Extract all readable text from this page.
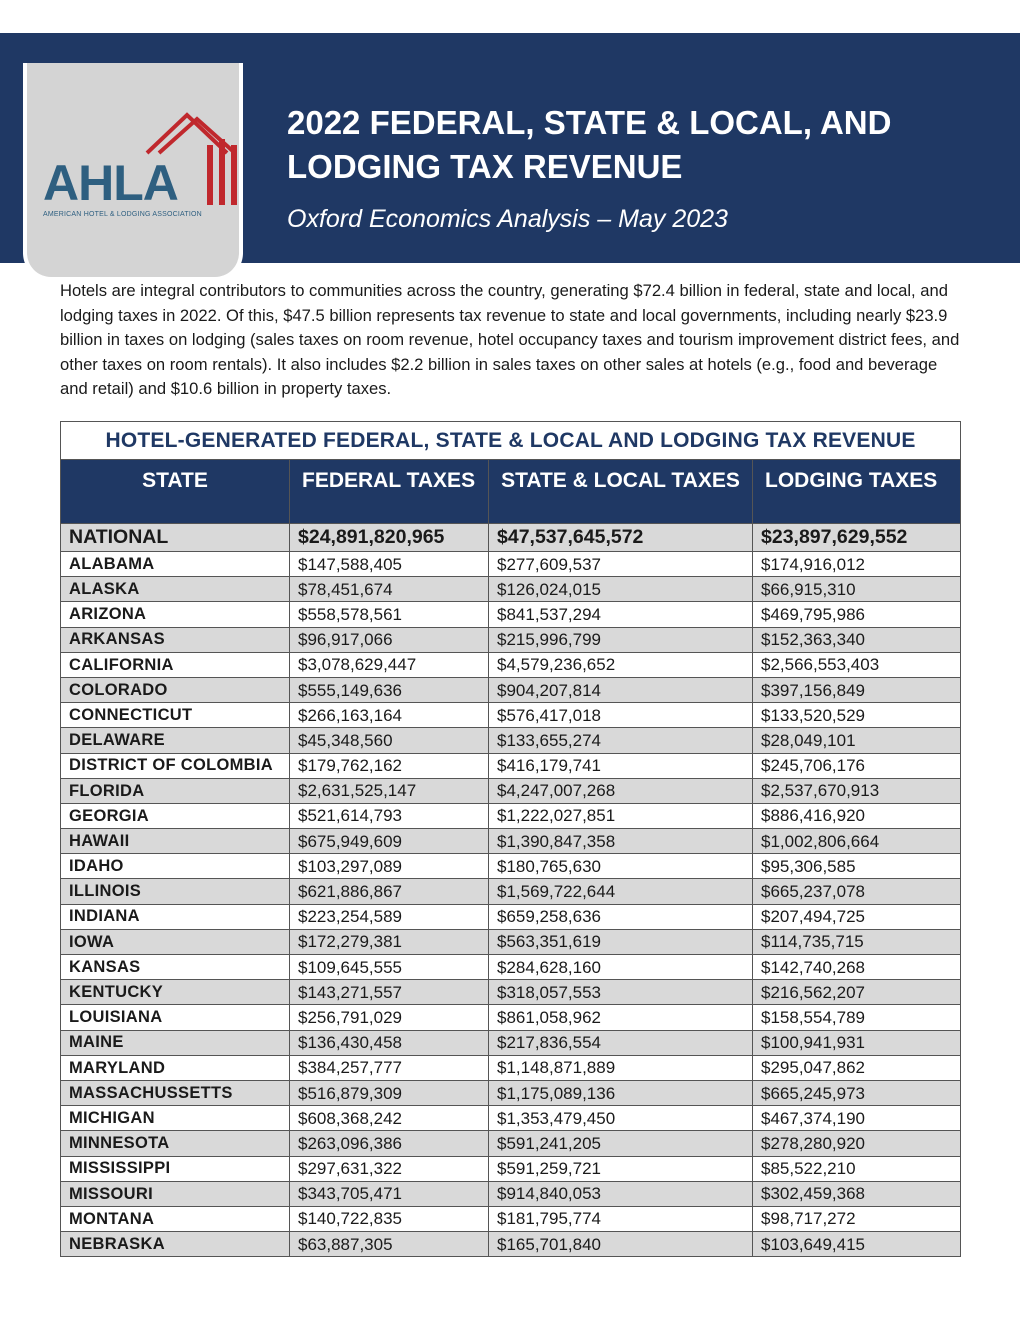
AHLA
AMERICAN HOTEL & LODGING ASSOCIATION
2022 FEDERAL, STATE & LOCAL, AND
LODGING TAX REVENUE
Oxford Economics Analysis – May 2023
Hotels are integral contributors to communities across the country, generating $72.4 billion in federal, state and local, and lodging taxes in 2022. Of this, $47.5 billion represents tax revenue to state and local governments, including nearly $23.9 billion in taxes on lodging (sales taxes on room revenue, hotel occupancy taxes and tourism improvement district fees, and other taxes on room rentals). It also includes $2.2 billion in sales taxes on other sales at hotels (e.g., food and beverage and retail) and $10.6 billion in property taxes.
HOTEL-GENERATED FEDERAL, STATE & LOCAL AND LODGING TAX REVENUE			
STATE	FEDERAL TAXES	STATE & LOCAL TAXES	LODGING TAXES
NATIONAL	$24,891,820,965	$47,537,645,572	$23,897,629,552
ALABAMA	$147,588,405	$277,609,537	$174,916,012
ALASKA	$78,451,674	$126,024,015	$66,915,310
ARIZONA	$558,578,561	$841,537,294	$469,795,986
ARKANSAS	$96,917,066	$215,996,799	$152,363,340
CALIFORNIA	$3,078,629,447	$4,579,236,652	$2,566,553,403
COLORADO	$555,149,636	$904,207,814	$397,156,849
CONNECTICUT	$266,163,164	$576,417,018	$133,520,529
DELAWARE	$45,348,560	$133,655,274	$28,049,101
DISTRICT OF COLOMBIA	$179,762,162	$416,179,741	$245,706,176
FLORIDA	$2,631,525,147	$4,247,007,268	$2,537,670,913
GEORGIA	$521,614,793	$1,222,027,851	$886,416,920
HAWAII	$675,949,609	$1,390,847,358	$1,002,806,664
IDAHO	$103,297,089	$180,765,630	$95,306,585
ILLINOIS	$621,886,867	$1,569,722,644	$665,237,078
INDIANA	$223,254,589	$659,258,636	$207,494,725
IOWA	$172,279,381	$563,351,619	$114,735,715
KANSAS	$109,645,555	$284,628,160	$142,740,268
KENTUCKY	$143,271,557	$318,057,553	$216,562,207
LOUISIANA	$256,791,029	$861,058,962	$158,554,789
MAINE	$136,430,458	$217,836,554	$100,941,931
MARYLAND	$384,257,777	$1,148,871,889	$295,047,862
MASSACHUSSETTS	$516,879,309	$1,175,089,136	$665,245,973
MICHIGAN	$608,368,242	$1,353,479,450	$467,374,190
MINNESOTA	$263,096,386	$591,241,205	$278,280,920
MISSISSIPPI	$297,631,322	$591,259,721	$85,522,210
MISSOURI	$343,705,471	$914,840,053	$302,459,368
MONTANA	$140,722,835	$181,795,774	$98,717,272
NEBRASKA	$63,887,305	$165,701,840	$103,649,415
